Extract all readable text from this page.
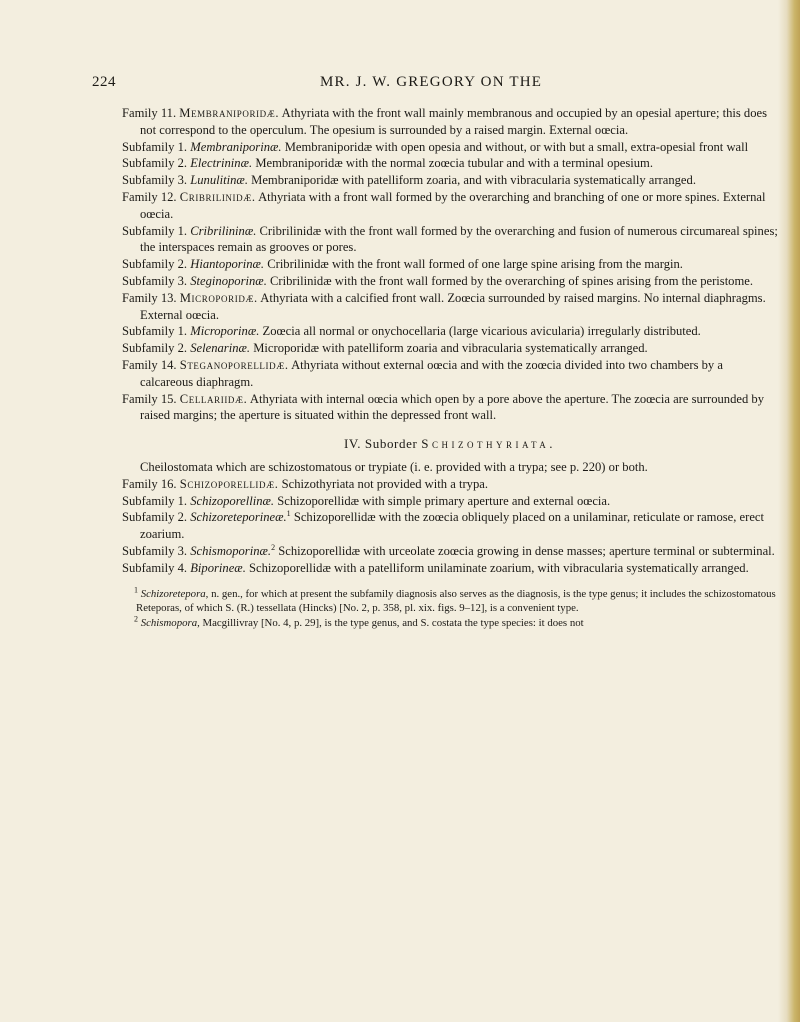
224	MR. J. W. GREGORY ON THE

Family 11. Membraniporidæ. Athyriata with the front wall mainly membranous and occupied by an opesial aperture; this does not correspond to the operculum. The opesium is surrounded by a raised margin. External oœcia.

Subfamily 1. Membraniporinæ. Membraniporidæ with open opesia and without, or with but a small, extra-opesial front wall

Subfamily 2. Electrininæ. Membraniporidæ with the normal zoœcia tubular and with a terminal opesium.

Subfamily 3. Lunulitinæ. Membraniporidæ with patelliform zoaria, and with vibracularia systematically arranged.

Family 12. Cribrilinidæ. Athyriata with a front wall formed by the overarching and branching of one or more spines. External oœcia.

Subfamily 1. Cribrilininæ. Cribrilinidæ with the front wall formed by the overarching and fusion of numerous circumareal spines; the interspaces remain as grooves or pores.

Subfamily 2. Hiantoporinæ. Cribrilinidæ with the front wall formed of one large spine arising from the margin.

Subfamily 3. Steginoporinæ. Cribrilinidæ with the front wall formed by the overarching of spines arising from the peristome.

Family 13. Microporidæ. Athyriata with a calcified front wall. Zoœcia surrounded by raised margins. No internal diaphragms. External oœcia.

Subfamily 1. Microporinæ. Zoœcia all normal or onychocellaria (large vicarious avicularia) irregularly distributed.

Subfamily 2. Selenarinæ. Microporidæ with patelliform zoaria and vibracularia systematically arranged.

Family 14. Steganoporellidæ. Athyriata without external oœcia and with the zoœcia divided into two chambers by a calcareous diaphragm.

Family 15. Cellariidæ. Athyriata with internal oœcia which open by a pore above the aperture. The zoœcia are surrounded by raised margins; the aperture is situated within the depressed front wall.

IV. Suborder Schizothyriata.

Cheilostomata which are schizostomatous or trypiate (i. e. provided with a trypa; see p. 220) or both.

Family 16. Schizoporellidæ. Schizothyriata not provided with a trypa.

Subfamily 1. Schizoporellinæ. Schizoporellidæ with simple primary aperture and external oœcia.

Subfamily 2. Schizoreteporineæ.$^1$ Schizoporellidæ with the zoœcia obliquely placed on a unilaminar, reticulate or ramose, erect zoarium.

Subfamily 3. Schismoporinæ.$^2$ Schizoporellidæ with urceolate zoœcia growing in dense masses; aperture terminal or subterminal.

Subfamily 4. Biporineæ. Schizoporellidæ with a patelliform unilaminate zoarium, with vibracularia systematically arranged.

$^1$ Schizoretepora, n. gen., for which at present the subfamily diagnosis also serves as the diagnosis, is the type genus; it includes the schizostomatous Reteporas, of which S. (R.) tessellata (Hincks) [No. 2, p. 358, pl. xix. figs. 9–12], is a convenient type.

$^2$ Schismopora, Macgillivray [No. 4, p. 29], is the type genus, and S. costata the type species: it does not
